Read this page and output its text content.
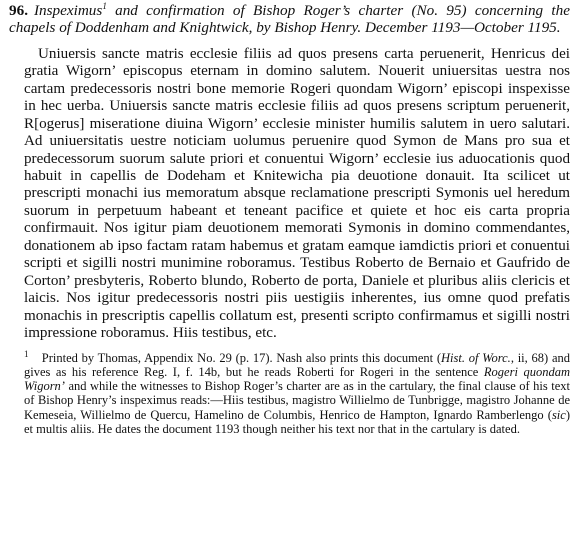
96. Inspeximus$^1$ and confirmation of Bishop Roger’s charter (No. 95) concerning the chapels of Doddenham and Knightwick, by Bishop Henry. December 1193—October 1195.

Uniuersis sancte matris ecclesie filiis ad quos presens carta peruenerit, Henricus dei gratia Wigorn’ episcopus eternam in domino salutem. Nouerit uniuersitas uestra nos cartam predecessoris nostri bone memorie Rogeri quondam Wigorn’ episcopi inspexisse in hec uerba. Uniuersis sancte matris ecclesie filiis ad quos presens scriptum peruenerit, R[ogerus] miseratione diuina Wigorn’ ecclesie minister humilis salutem in uero salutari. Ad uniuersitatis uestre noticiam uolumus peruenire quod Symon de Mans pro sua et predecessorum suorum salute priori et conuentui Wigorn’ ecclesie ius aduocationis quod habuit in capellis de Dodeham et Knitewicha pia deuotione donauit. Ita scilicet ut prescripti monachi ius memoratum absque reclamatione prescripti Symonis uel heredum suorum in perpetuum habeant et teneant pacifice et quiete et hoc eis carta propria confirmauit. Nos igitur piam deuotionem memorati Symonis in domino commendantes, donationem ab ipso factam ratam habemus et gratam eamque iamdictis priori et conuentui scripti et sigilli nostri munimine roboramus. Testibus Roberto de Bernaio et Gaufrido de Corton’ presbyteris, Roberto blundo, Roberto de porta, Daniele et pluribus aliis clericis et laicis. Nos igitur predecessoris nostri piis uestigiis inherentes, ius omne quod prefatis monachis in prescriptis capellis collatum est, presenti scripto confirmamus et sigilli nostri impressione roboramus. Hiis testibus, etc.

$^1$ Printed by Thomas, Appendix No. 29 (p. 17). Nash also prints this document (Hist. of Worc., ii, 68) and gives as his reference Reg. I, f. 14b, but he reads Roberti for Rogeri in the sentence Rogeri quondam Wigorn’ and while the witnesses to Bishop Roger’s charter are as in the cartulary, the final clause of his text of Bishop Henry’s inspeximus reads:—Hiis testibus, magistro Willielmo de Tunbrigge, magistro Johanne de Kemeseia, Willielmo de Quercu, Hamelino de Columbis, Henrico de Hampton, Ignardo Ramberlengo (sic) et multis aliis. He dates the document 1193 though neither his text nor that in the cartulary is dated.
